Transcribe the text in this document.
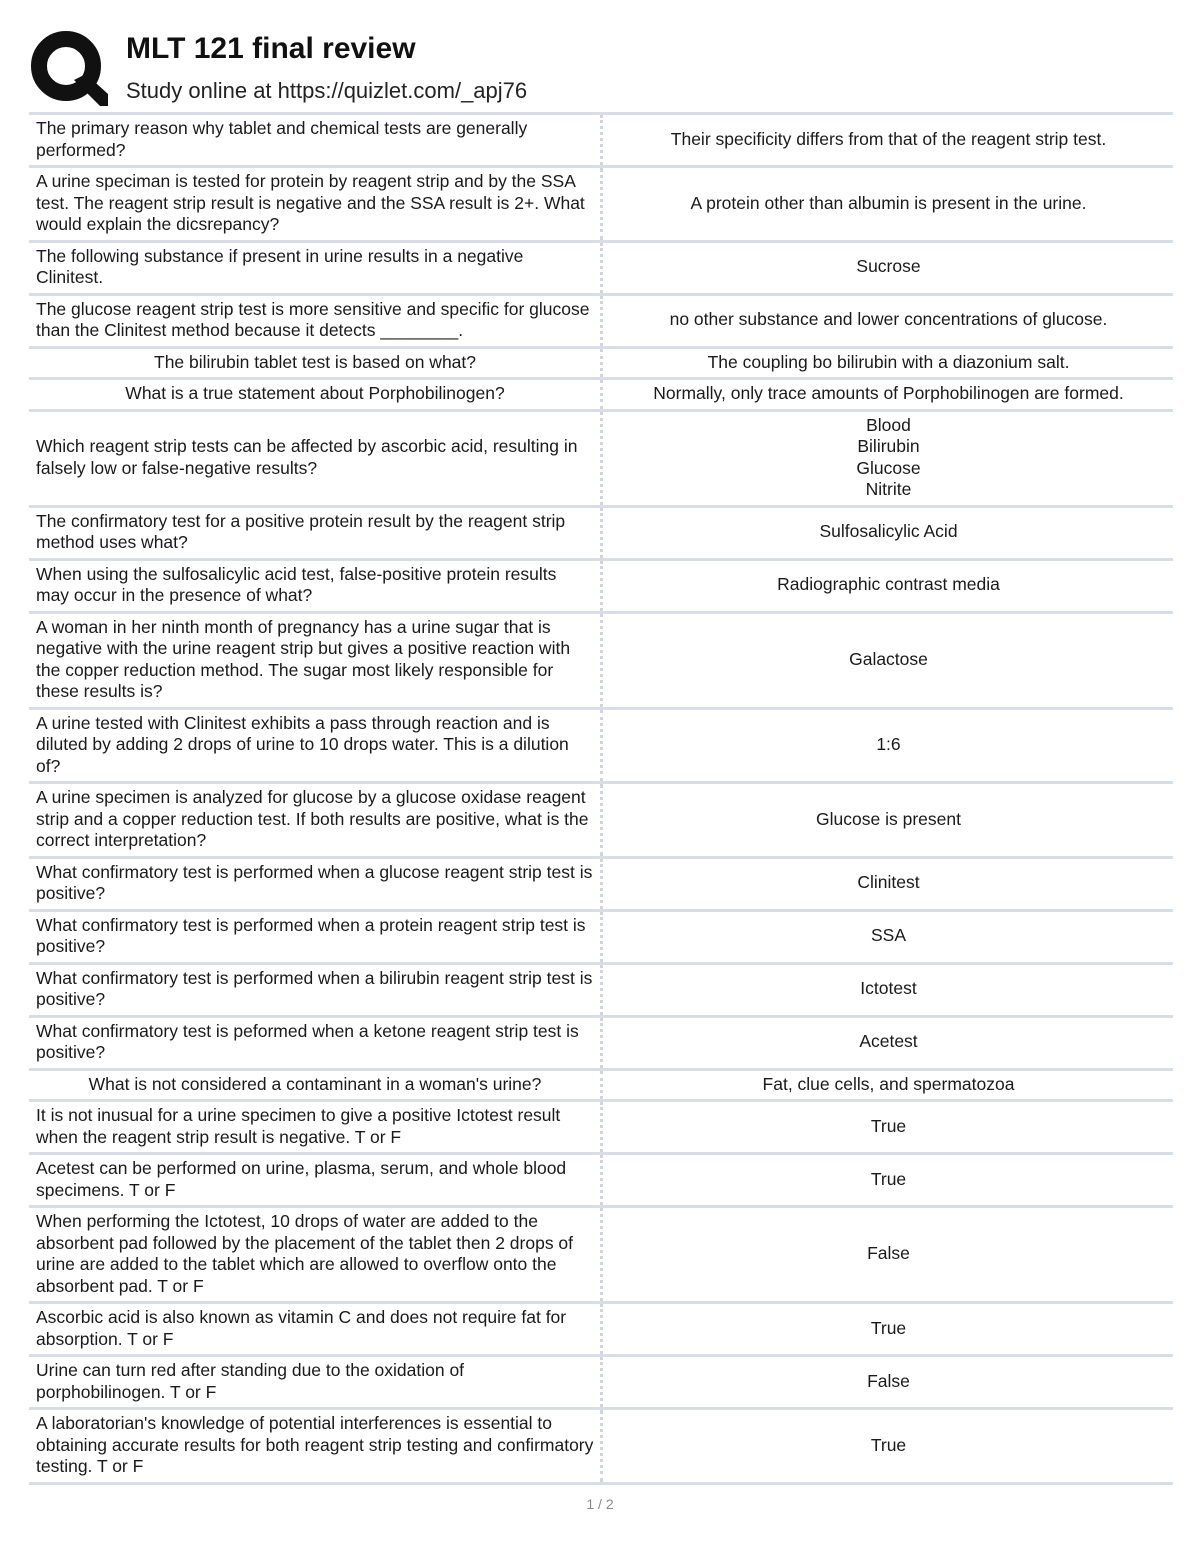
MLT 121 final review
Study online at https://quizlet.com/_apj76
The primary reason why tablet and chemical tests are generally performed?	Their specificity differs from that of the reagent strip test.
A urine speciman is tested for protein by reagent strip and by the SSA test. The reagent strip result is negative and the SSA result is 2+. What would explain the dicsrepancy?	A protein other than albumin is present in the urine.
The following substance if present in urine results in a negative Clinitest.	Sucrose
The glucose reagent strip test is more sensitive and specific for glucose than the Clinitest method because it detects ________.	no other substance and lower concentrations of glucose.
The bilirubin tablet test is based on what?	The coupling bo bilirubin with a diazonium salt.
What is a true statement about Porphobilinogen?	Normally, only trace amounts of Porphobilinogen are formed.
Which reagent strip tests can be affected by ascorbic acid, resulting in falsely low or false-negative results?	Blood
Bilirubin
Glucose
Nitrite

The confirmatory test for a positive protein result by the reagent strip method uses what?	Sulfosalicylic Acid
When using the sulfosalicylic acid test, false-positive protein results may occur in the presence of what?	Radiographic contrast media
A woman in her ninth month of pregnancy has a urine sugar that is negative with the urine reagent strip but gives a positive reaction with the copper reduction method. The sugar most likely responsible for these results is?	Galactose
A urine tested with Clinitest exhibits a pass through reaction and is diluted by adding 2 drops of urine to 10 drops water. This is a dilution of?	1:6
A urine specimen is analyzed for glucose by a glucose oxidase reagent strip and a copper reduction test. If both results are positive, what is the correct interpretation?	Glucose is present
What confirmatory test is performed when a glucose reagent strip test is positive?	Clinitest
What confirmatory test is performed when a protein reagent strip test is positive?	SSA
What confirmatory test is performed when a bilirubin reagent strip test is positive?	Ictotest
What confirmatory test is peformed when a ketone reagent strip test is positive?	Acetest
What is not considered a contaminant in a woman's urine?	Fat, clue cells, and spermatozoa
It is not inusual for a urine specimen to give a positive Ictotest result when the reagent strip result is negative. T or F	True
Acetest can be performed on urine, plasma, serum, and whole blood specimens. T or F	True
When performing the Ictotest, 10 drops of water are added to the absorbent pad followed by the placement of the tablet then 2 drops of urine are added to the tablet which are allowed to overflow onto the absorbent pad. T or F	False
Ascorbic acid is also known as vitamin C and does not require fat for absorption. T or F	True
Urine can turn red after standing due to the oxidation of porphobilinogen. T or F	False
A laboratorian's knowledge of potential interferences is essential to obtaining accurate results for both reagent strip testing and confirmatory testing. T or F	True
1 / 2
